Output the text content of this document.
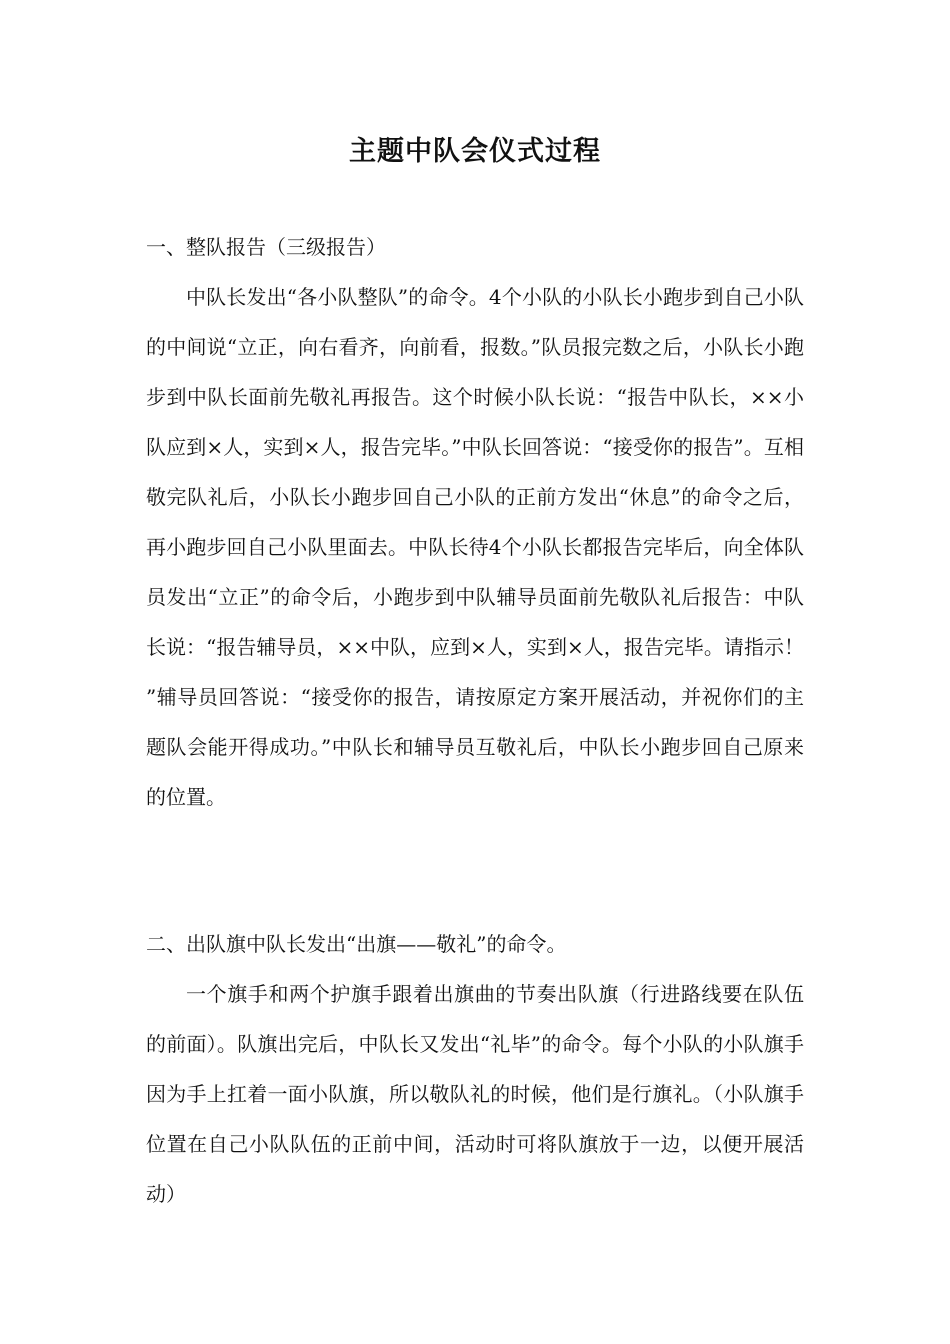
主题中队会仪式过程

一、整队报告（三级报告）

中队长发出“各小队整队”的命令。4个小队的小队长小跑步到自己小队的中间说“立正，向右看齐，向前看，报数。”队员报完数之后，小队长小跑步到中队长面前先敬礼再报告。这个时候小队长说：“报告中队长，××小队应到×人，实到×人，报告完毕。”中队长回答说：“接受你的报告”。互相敬完队礼后，小队长小跑步回自己小队的正前方发出“休息”的命令之后，再小跑步回自己小队里面去。中队长待4个小队长都报告完毕后，向全体队员发出“立正”的命令后，小跑步到中队辅导员面前先敬队礼后报告：中队长说：“报告辅导员，××中队，应到×人，实到×人，报告完毕。请指示！”辅导员回答说：“接受你的报告，请按原定方案开展活动，并祝你们的主题队会能开得成功。”中队长和辅导员互敬礼后，中队长小跑步回自己原来的位置。

二、出队旗中队长发出“出旗——敬礼”的命令。

一个旗手和两个护旗手跟着出旗曲的节奏出队旗（行进路线要在队伍的前面）。队旗出完后，中队长又发出“礼毕”的命令。每个小队的小队旗手因为手上扛着一面小队旗，所以敬队礼的时候，他们是行旗礼。（小队旗手位置在自己小队队伍的正前中间，活动时可将队旗放于一边，以便开展活动）
